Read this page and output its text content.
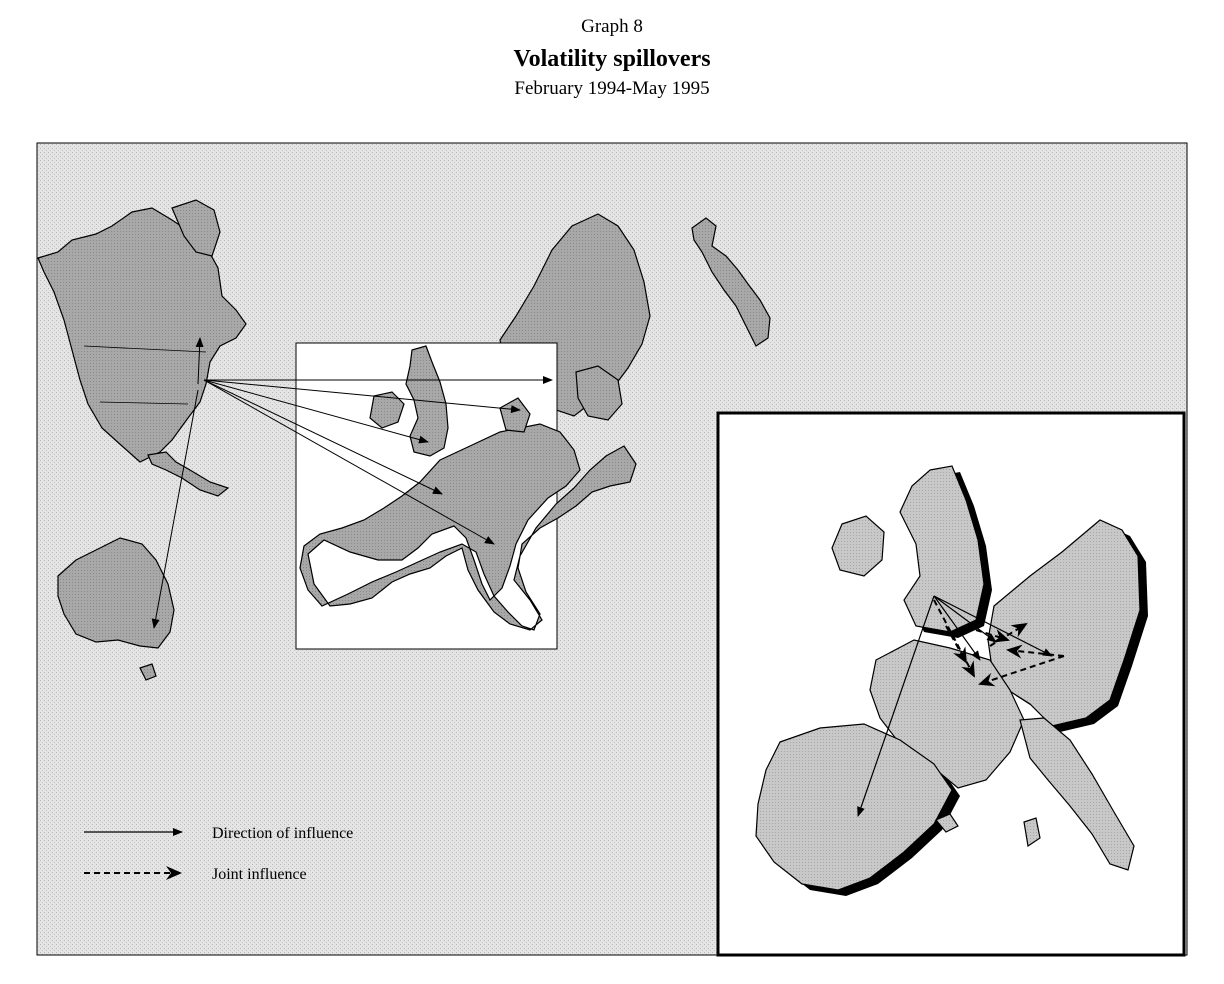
Graph 8
Volatility spillovers
February 1994-May 1995
Direction of influence
Joint influence
